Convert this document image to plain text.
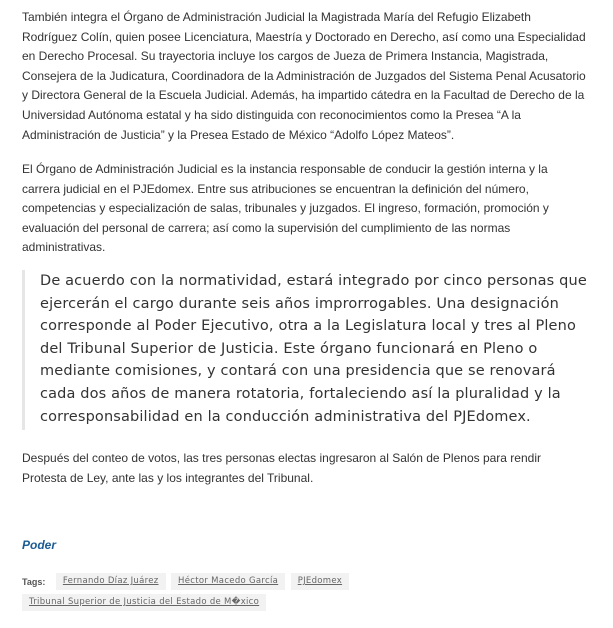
También integra el Órgano de Administración Judicial la Magistrada María del Refugio Elizabeth Rodríguez Colín, quien posee Licenciatura, Maestría y Doctorado en Derecho, así como una Especialidad en Derecho Procesal. Su trayectoria incluye los cargos de Jueza de Primera Instancia, Magistrada, Consejera de la Judicatura, Coordinadora de la Administración de Juzgados del Sistema Penal Acusatorio y Directora General de la Escuela Judicial. Además, ha impartido cátedra en la Facultad de Derecho de la Universidad Autónoma estatal y ha sido distinguida con reconocimientos como la Presea “A la Administración de Justicia” y la Presea Estado de México “Adolfo López Mateos”.

El Órgano de Administración Judicial es la instancia responsable de conducir la gestión interna y la carrera judicial en el PJEdomex. Entre sus atribuciones se encuentran la definición del número, competencias y especialización de salas, tribunales y juzgados. El ingreso, formación, promoción y evaluación del personal de carrera; así como la supervisión del cumplimiento de las normas administrativas.

De acuerdo con la normatividad, estará integrado por cinco personas que ejercerán el cargo durante seis años improrrogables. Una designación corresponde al Poder Ejecutivo, otra a la Legislatura local y tres al Pleno del Tribunal Superior de Justicia. Este órgano funcionará en Pleno o mediante comisiones, y contará con una presidencia que se renovará cada dos años de manera rotatoria, fortaleciendo así la pluralidad y la corresponsabilidad en la conducción administrativa del PJEdomex.

Después del conteo de votos, las tres personas electas ingresaron al Salón de Plenos para rendir Protesta de Ley, ante las y los integrantes del Tribunal.

Poder
Tags: Fernando Díaz Juárez Héctor Macedo García PJEdomex Tribunal Superior de Justicia del Estado de M�xico
